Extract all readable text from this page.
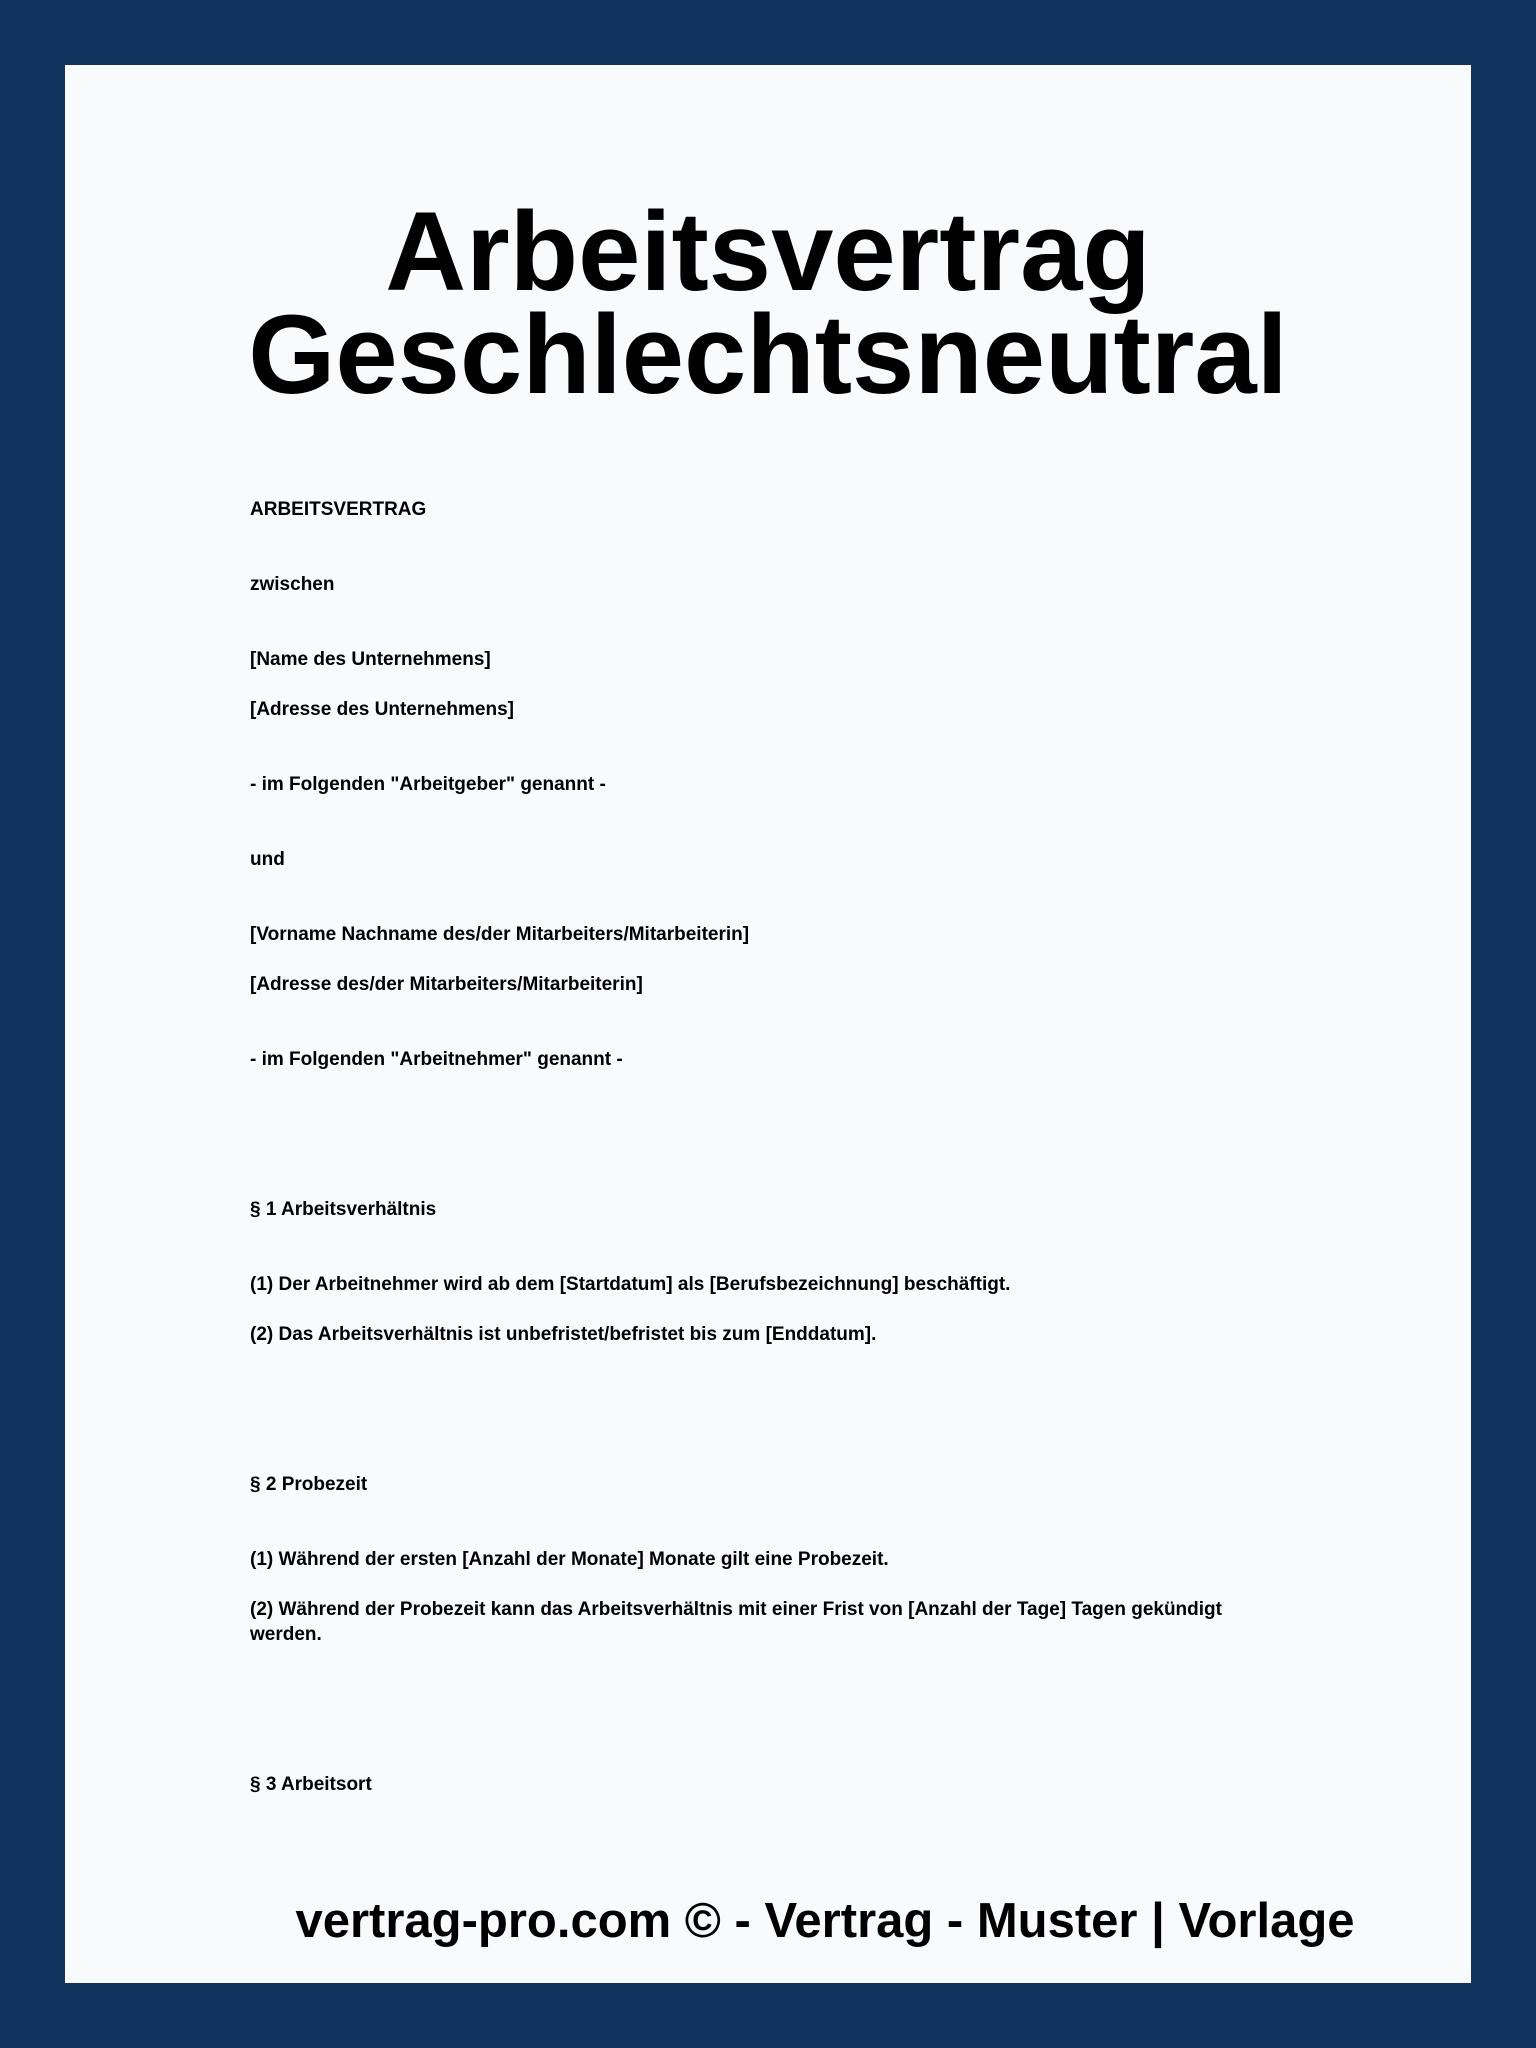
Arbeitsvertrag
Geschlechtsneutral

ARBEITSVERTRAG

zwischen

[Name des Unternehmens]

[Adresse des Unternehmens]

- im Folgenden "Arbeitgeber" genannt -

und

[Vorname Nachname des/der Mitarbeiters/Mitarbeiterin]

[Adresse des/der Mitarbeiters/Mitarbeiterin]

- im Folgenden "Arbeitnehmer" genannt -

§ 1 Arbeitsverhältnis

(1) Der Arbeitnehmer wird ab dem [Startdatum] als [Berufsbezeichnung] beschäftigt.

(2) Das Arbeitsverhältnis ist unbefristet/befristet bis zum [Enddatum].

§ 2 Probezeit

(1) Während der ersten [Anzahl der Monate] Monate gilt eine Probezeit.

(2) Während der Probezeit kann das Arbeitsverhältnis mit einer Frist von [Anzahl der Tage] Tagen gekündigt werden.

§ 3 Arbeitsort

vertrag-pro.com © - Vertrag - Muster | Vorlage
